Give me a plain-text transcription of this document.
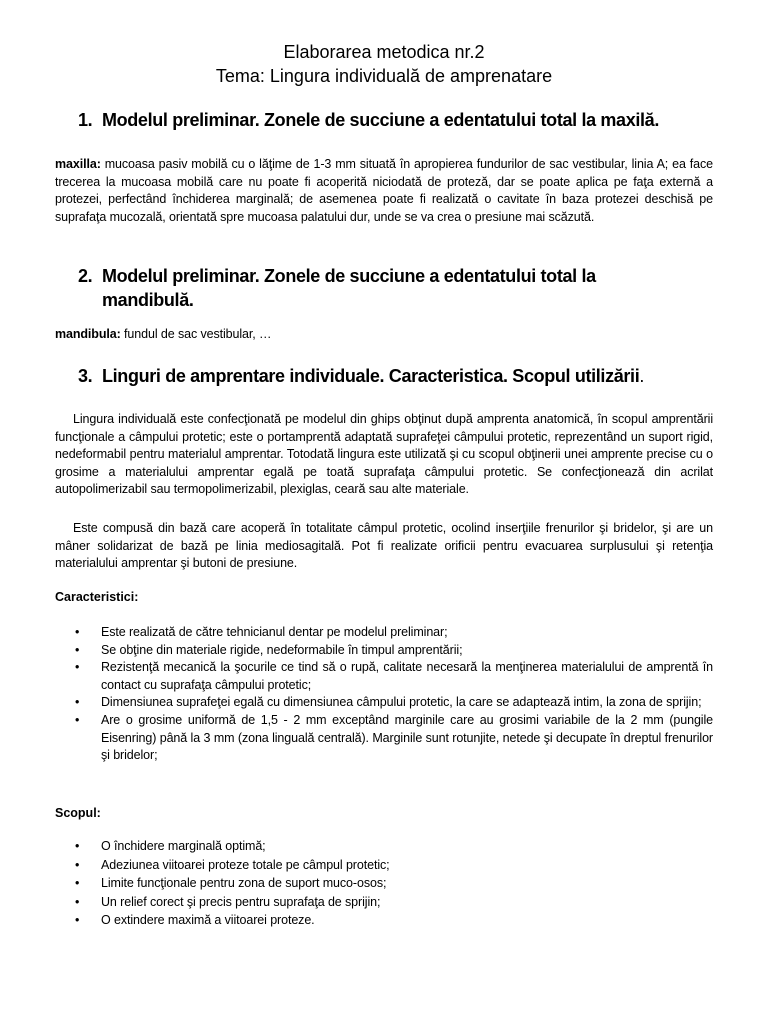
Elaborarea metodica nr.2
Tema: Lingura individuală de amprenatare
1. Modelul preliminar. Zonele de succiune a edentatului total la maxilă.
maxilla: mucoasa pasiv mobilă cu o lăţime de 1-3 mm situată în apropierea fundurilor de sac vestibular, linia A; ea face trecerea la mucoasa mobilă care nu poate fi acoperită niciodată de proteză, dar se poate aplica pe faţa externă a protezei, perfectând închiderea marginală; de asemenea poate fi realizată o cavitate în baza protezei deschisă pe suprafaţa mucozală, orientată spre mucoasa palatului dur, unde se va crea o presiune mai scăzută.
2. Modelul preliminar. Zonele de succiune a edentatului total la
mandibulă.
mandibula: fundul de sac vestibular, …
3. Linguri de amprentare individuale. Caracteristica. Scopul utilizării.
Lingura individuală este confecţionată pe modelul din ghips obţinut după amprenta anatomică, în scopul amprentării funcţionale a câmpului protetic; este o portamprentă adaptată suprafeţei câmpului protetic, reprezentând un suport rigid, nedeformabil pentru materialul amprentar. Totodată lingura este utilizată şi cu scopul obţinerii unei amprente precise cu o grosime a materialului amprentar egală pe toată suprafaţa câmpului protetic. Se confecţionează din acrilat autopolimerizabil sau termopolimerizabil, plexiglas, ceară sau alte materiale.
Este compusă din bază care acoperă în totalitate câmpul protetic, ocolind inserţiile frenurilor şi bridelor, şi are un mâner solidarizat de bază pe linia mediosagitală. Pot fi realizate orificii pentru evacuarea surplusului şi retenţia materialului amprentar şi butoni de presiune.
Caracteristici:
• Este realizată de către tehnicianul dentar pe modelul preliminar;
• Se obţine din materiale rigide, nedeformabile în timpul amprentării;
• Rezistenţă mecanică la şocurile ce tind să o rupă, calitate necesară la menţinerea materialului de amprentă în contact cu suprafaţa câmpului protetic;
• Dimensiunea suprafeţei egală cu dimensiunea câmpului protetic, la care se adaptează intim, la zona de sprijin;
• Are o grosime uniformă de 1,5 - 2 mm exceptând marginile care au grosimi variabile de la 2 mm (pungile Eisenring) până la 3 mm (zona linguală centrală). Marginile sunt rotunjite, netede şi decupate în dreptul frenurilor şi bridelor;
Scopul:
• O închidere marginală optimă;
• Adeziunea viitoarei proteze totale pe câmpul protetic;
• Limite funcţionale pentru zona de suport muco-osos;
• Un relief corect şi precis pentru suprafaţa de sprijin;
• O extindere maximă a viitoarei proteze.
